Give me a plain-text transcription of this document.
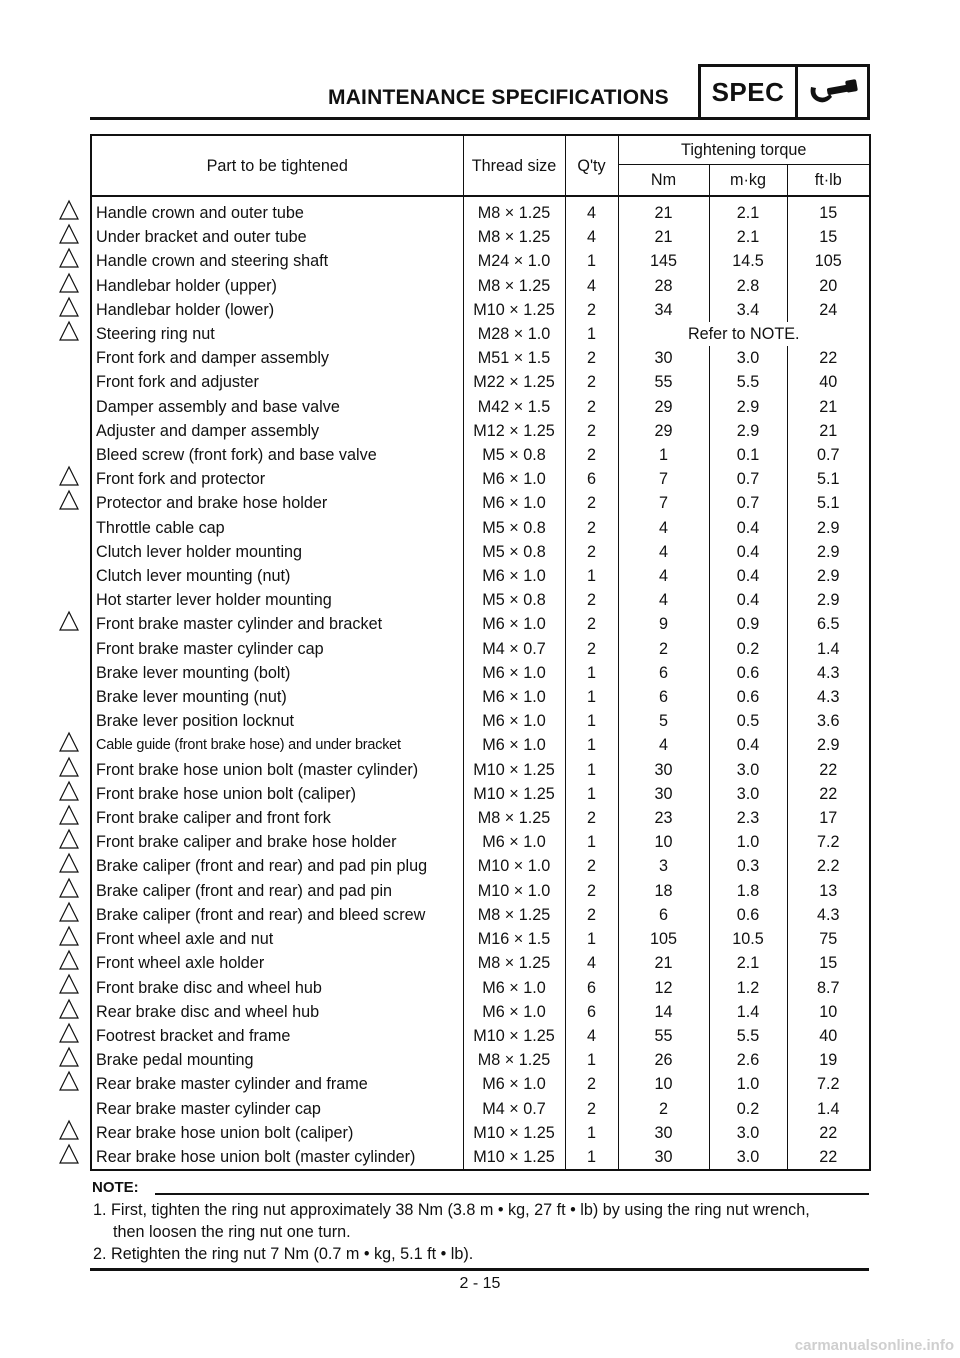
MAINTENANCE SPECIFICATIONS	SPEC
Part to be tightened	Thread size	Q'ty	Tightening torque		
			Nm	m·kg	ft·lb
Handle crown and outer tube	M8 × 1.25	4	21	2.1	15
Under bracket and outer tube	M8 × 1.25	4	21	2.1	15
Handle crown and steering shaft	M24 × 1.0	1	145	14.5	105
Handlebar holder (upper)	M8 × 1.25	4	28	2.8	20
Handlebar holder (lower)	M10 × 1.25	2	34	3.4	24
Steering ring nut	M28 × 1.0	1	Refer to NOTE.		
Front fork and damper assembly	M51 × 1.5	2	30	3.0	22
Front fork and adjuster	M22 × 1.25	2	55	5.5	40
Damper assembly and base valve	M42 × 1.5	2	29	2.9	21
Adjuster and damper assembly	M12 × 1.25	2	29	2.9	21
Bleed screw (front fork) and base valve	M5 × 0.8	2	1	0.1	0.7
Front fork and protector	M6 × 1.0	6	7	0.7	5.1
Protector and brake hose holder	M6 × 1.0	2	7	0.7	5.1
Throttle cable cap	M5 × 0.8	2	4	0.4	2.9
Clutch lever holder mounting	M5 × 0.8	2	4	0.4	2.9
Clutch lever mounting (nut)	M6 × 1.0	1	4	0.4	2.9
Hot starter lever holder mounting	M5 × 0.8	2	4	0.4	2.9
Front brake master cylinder and bracket	M6 × 1.0	2	9	0.9	6.5
Front brake master cylinder cap	M4 × 0.7	2	2	0.2	1.4
Brake lever mounting (bolt)	M6 × 1.0	1	6	0.6	4.3
Brake lever mounting (nut)	M6 × 1.0	1	6	0.6	4.3
Brake lever position locknut	M6 × 1.0	1	5	0.5	3.6
Cable guide (front brake hose) and under bracket	M6 × 1.0	1	4	0.4	2.9
Front brake hose union bolt (master cylinder)	M10 × 1.25	1	30	3.0	22
Front brake hose union bolt (caliper)	M10 × 1.25	1	30	3.0	22
Front brake caliper and front fork	M8 × 1.25	2	23	2.3	17
Front brake caliper and brake hose holder	M6 × 1.0	1	10	1.0	7.2
Brake caliper (front and rear) and pad pin plug	M10 × 1.0	2	3	0.3	2.2
Brake caliper (front and rear) and pad pin	M10 × 1.0	2	18	1.8	13
Brake caliper (front and rear) and bleed screw	M8 × 1.25	2	6	0.6	4.3
Front wheel axle and nut	M16 × 1.5	1	105	10.5	75
Front wheel axle holder	M8 × 1.25	4	21	2.1	15
Front brake disc and wheel hub	M6 × 1.0	6	12	1.2	8.7
Rear brake disc and wheel hub	M6 × 1.0	6	14	1.4	10
Footrest bracket and frame	M10 × 1.25	4	55	5.5	40
Brake pedal mounting	M8 × 1.25	1	26	2.6	19
Rear brake master cylinder and frame	M6 × 1.0	2	10	1.0	7.2
Rear brake master cylinder cap	M4 × 0.7	2	2	0.2	1.4
Rear brake hose union bolt (caliper)	M10 × 1.25	1	30	3.0	22
Rear brake hose union bolt (master cylinder)	M10 × 1.25	1	30	3.0	22
NOTE:
1. First, tighten the ring nut approximately 38 Nm (3.8 m • kg, 27 ft • lb) by using the ring nut wrench,
then loosen the ring nut one turn.
2. Retighten the ring nut 7 Nm (0.7 m • kg, 5.1 ft • lb).
2 - 15
carmanualsonline.info
